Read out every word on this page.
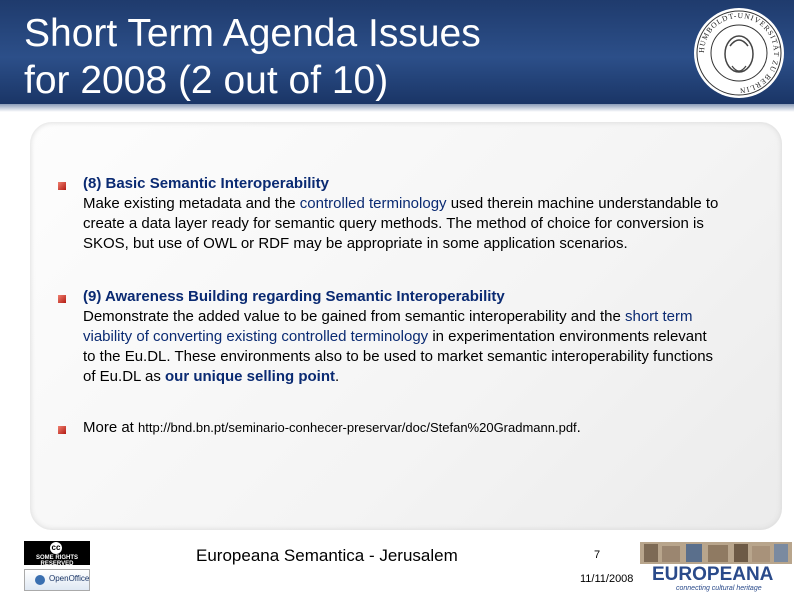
Short Term Agenda Issues
for 2008 (2 out of 10)
HUMBOLDT-UNIVERSITÄT ZU BERLIN
(8) Basic Semantic Interoperability
Make existing metadata and the controlled terminology used therein machine understandable to create a data layer ready for semantic query methods. The method of choice for conversion is SKOS, but use of OWL or RDF may be appropriate in some application scenarios.
(9) Awareness Building regarding Semantic Interoperability
Demonstrate the added value to be gained from semantic interoperability and the short term viability of converting existing controlled terminology in experimentation environments relevant to the Eu.DL. These environments also to be used to market semantic interoperability functions of Eu.DL as our unique selling point.
More at http://bnd.bn.pt/seminario-conhecer-preservar/doc/Stefan%20Gradmann.pdf.
cc
SOME RIGHTS RESERVED
OpenOffice
Europeana Semantica - Jerusalem	7
11/11/2008 EUROPEANA
connecting cultural heritage
